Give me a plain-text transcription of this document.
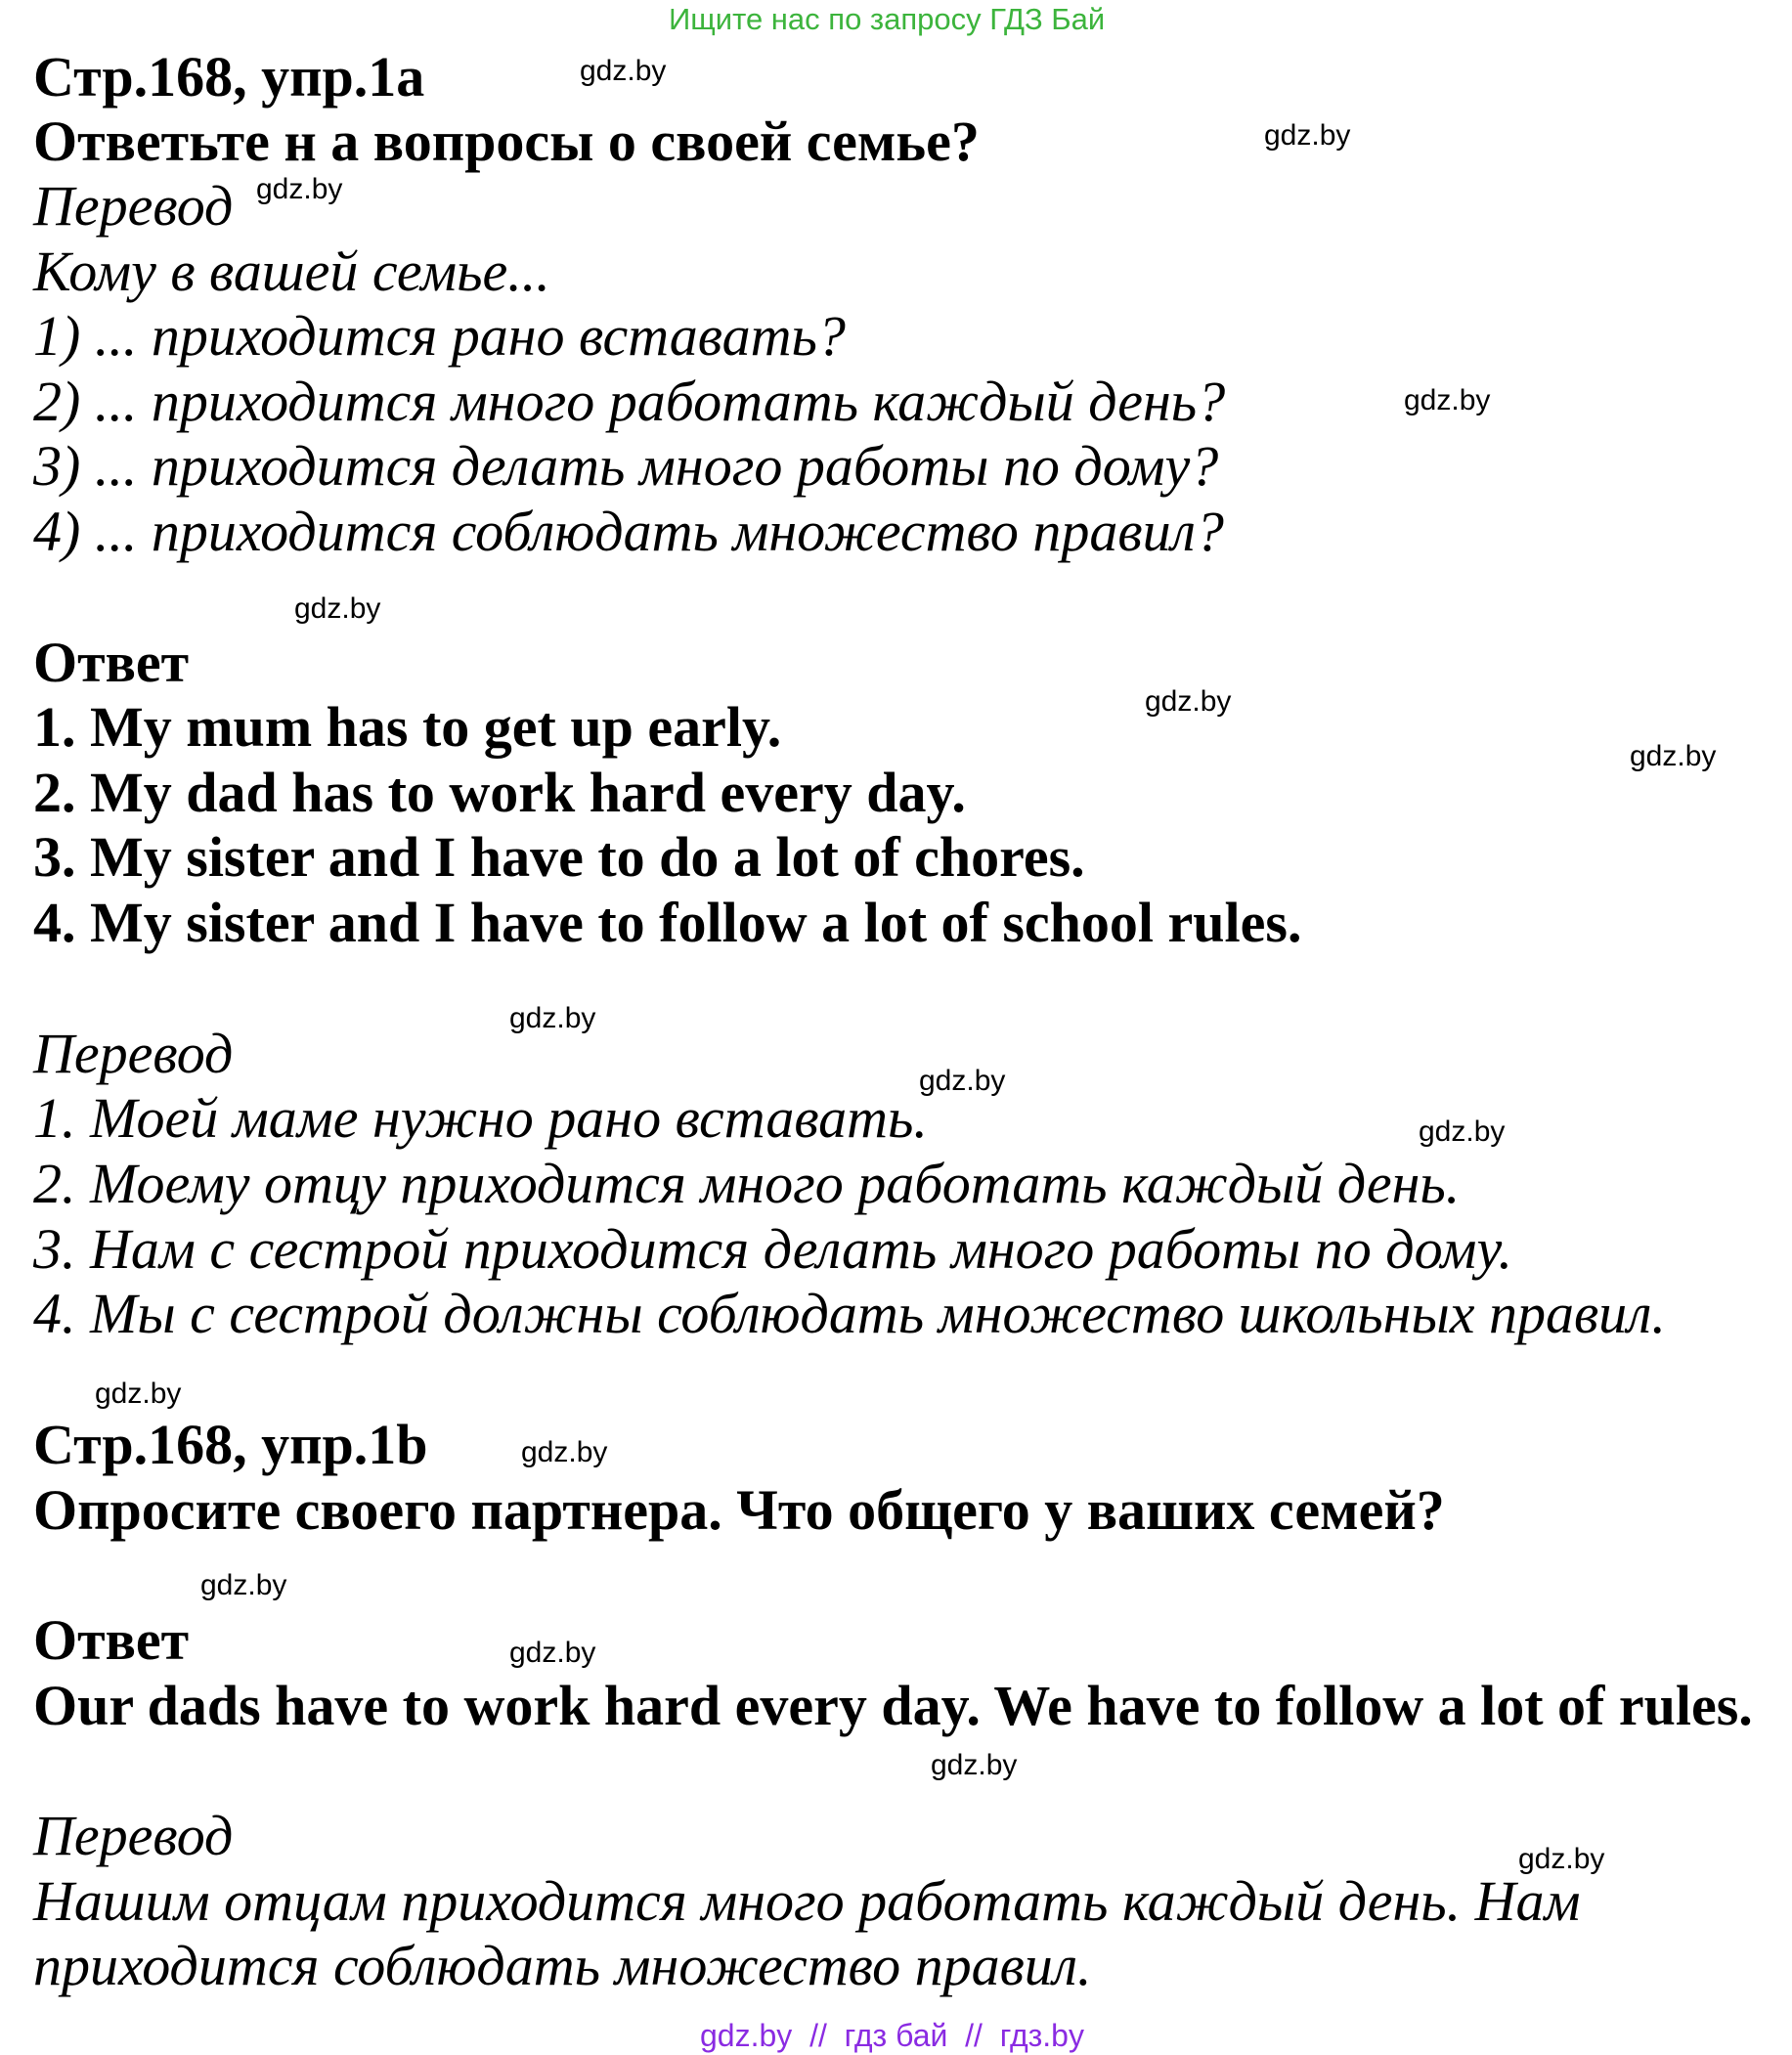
Ищите нас по запросу ГДЗ Бай
Стр.168, упр.1a
Ответьте н а вопросы о своей семье?
Перевод
Кому в вашей семье...
1) ... приходится рано вставать?
2) ... приходится много работать каждый день?
3) ... приходится делать много работы по дому?
4) ... приходится соблюдать множество правил?
Ответ
1. My mum has to get up early.
2. My dad has to work hard every day.
3. My sister and I have to do a lot of chores.
4. My sister and I have to follow a lot of school rules.
Перевод
1. Моей маме нужно рано вставать.
2. Моему отцу приходится много работать каждый день.
3. Нам с сестрой приходится делать много работы по дому.
4. Мы с сестрой должны соблюдать множество школьных правил.
Стр.168, упр.1b
Опросите своего партнера. Что общего у ваших семей?
Ответ
Our dads have to work hard every day. We have to follow a lot of rules.
Перевод
Нашим отцам приходится много работать каждый день. Нам
приходится соблюдать множество правил.
gdz.by
gdz.by
gdz.by
gdz.by
gdz.by
gdz.by
gdz.by
gdz.by
gdz.by
gdz.by
gdz.by
gdz.by
gdz.by
gdz.by
gdz.by
gdz.by
gdz.by  //  гдз бай  //  гдз.by
